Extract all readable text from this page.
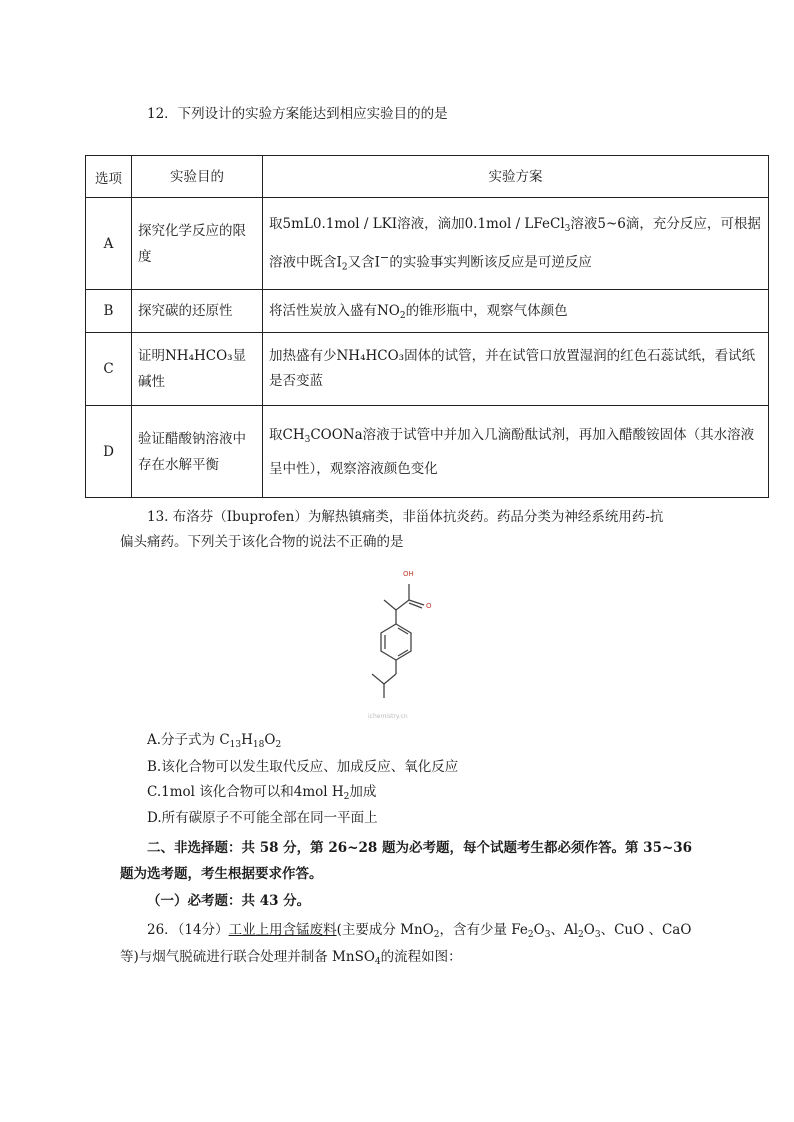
12．下列设计的实验方案能达到相应实验目的的是
选项	实验目的	实验方案
A	探究化学反应的限度	取5mL0.1mol / LKI溶液，滴加0.1mol / LFeCl$_3$溶液5~6滴，充分反应，可根据
溶液中既含$I_2$又含I−的实验事实判断该反应是可逆反应
B	探究碳的还原性	将活性炭放入盛有$NO_2$的锥形瓶中，观察气体颜色
C	证明NH₄HCO₃显碱性	加热盛有少NH₄HCO₃固体的试管，并在试管口放置湿润的红色石蕊试纸，看试纸是否变蓝
D	验证醋酸钠溶液中存在水解平衡	取$CH_3COONa$溶液于试管中并加入几滴酚酞试剂，再加入醋酸铵固体（其水溶液呈中性），观察溶液颜色变化
13. 布洛芬（Ibuprofen）为解热镇痛类，非甾体抗炎药。药品分类为神经系统用药-抗
偏头痛药。下列关于该化合物的说法不正确的是
OH
O
ichemistry.cn
A.分子式为 $C_{13}H_{18}O_2$
B.该化合物可以发生取代反应、加成反应、氧化反应
C.1mol 该化合物可以和4mol $H_2$加成
D.所有碳原子不可能全部在同一平面上
二、非选择题：共 58 分，第 26~28 题为必考题，每个试题考生都必须作答。第 35~36
题为选考题，考生根据要求作答。
（一）必考题：共 43 分。
26．（14分）工业上用含锰废料(主要成分 MnO$_2$，含有少量 $Fe_2O_3$、$Al_2O_3$、CuO 、CaO
等)与烟气脱硫进行联合处理并制备 MnSO$_4$的流程如图：
